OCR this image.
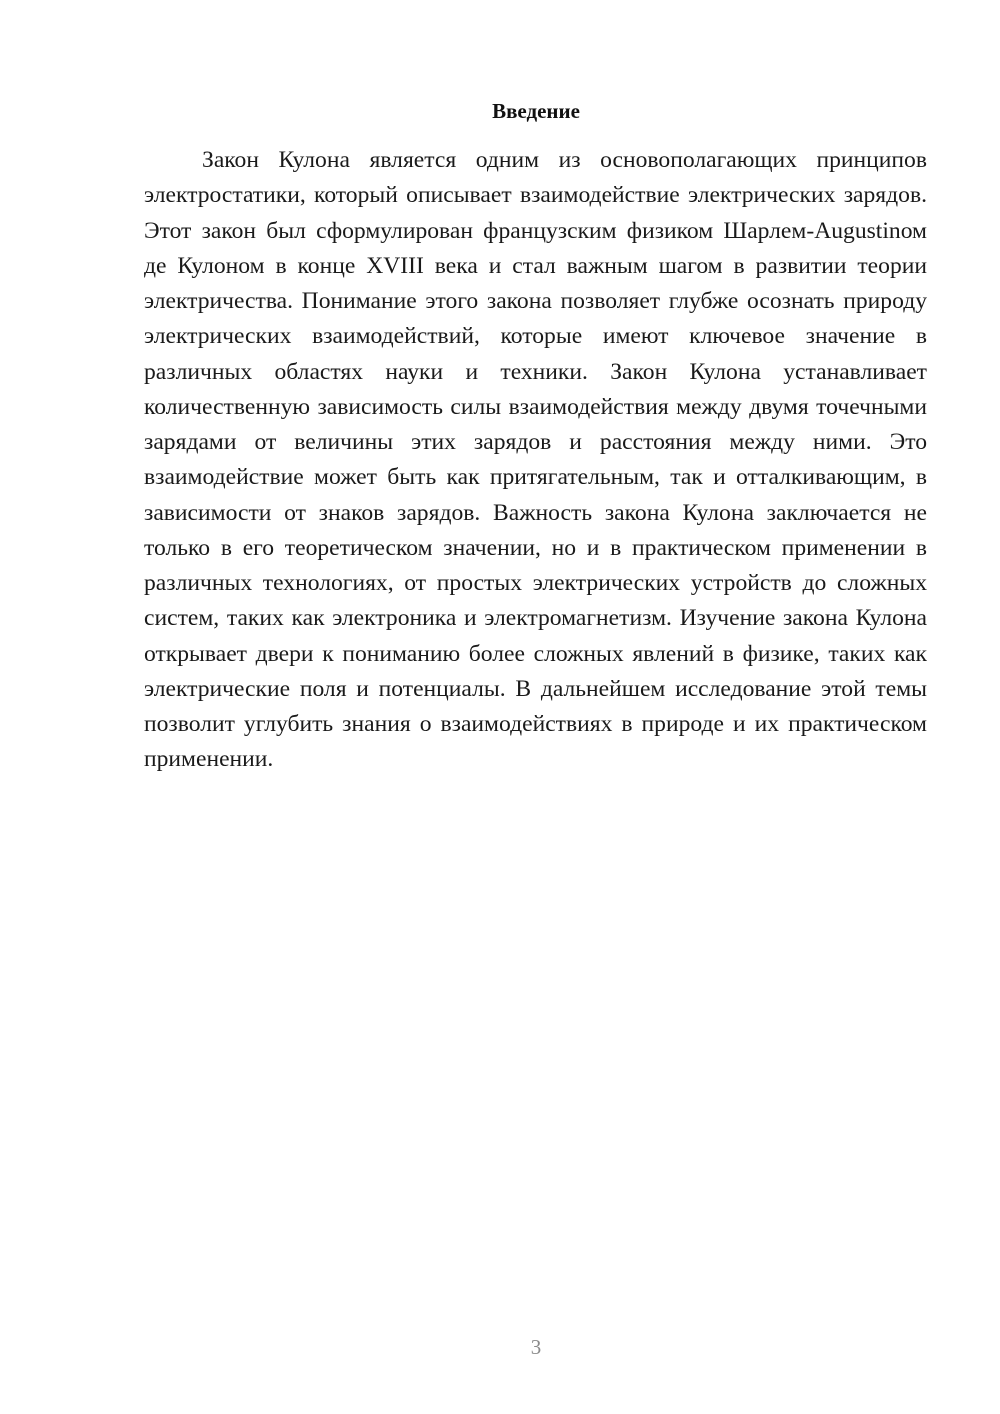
Введение

Закон Кулона является одним из основополагающих принципов электростатики, который описывает взаимодействие электрических зарядов. Этот закон был сформулирован французским физиком Шарлем-Augustinом де Кулоном в конце XVIII века и стал важным шагом в развитии теории электричества. Понимание этого закона позволяет глубже осознать природу электрических взаимодействий, которые имеют ключевое значение в различных областях науки и техники. Закон Кулона устанавливает количественную зависимость силы взаимодействия между двумя точечными зарядами от величины этих зарядов и расстояния между ними. Это взаимодействие может быть как притягательным, так и отталкивающим, в зависимости от знаков зарядов. Важность закона Кулона заключается не только в его теоретическом значении, но и в практическом применении в различных технологиях, от простых электрических устройств до сложных систем, таких как электроника и электромагнетизм. Изучение закона Кулона открывает двери к пониманию более сложных явлений в физике, таких как электрические поля и потенциалы. В дальнейшем исследование этой темы позволит углубить знания о взаимодействиях в природе и их практическом применении.

3
